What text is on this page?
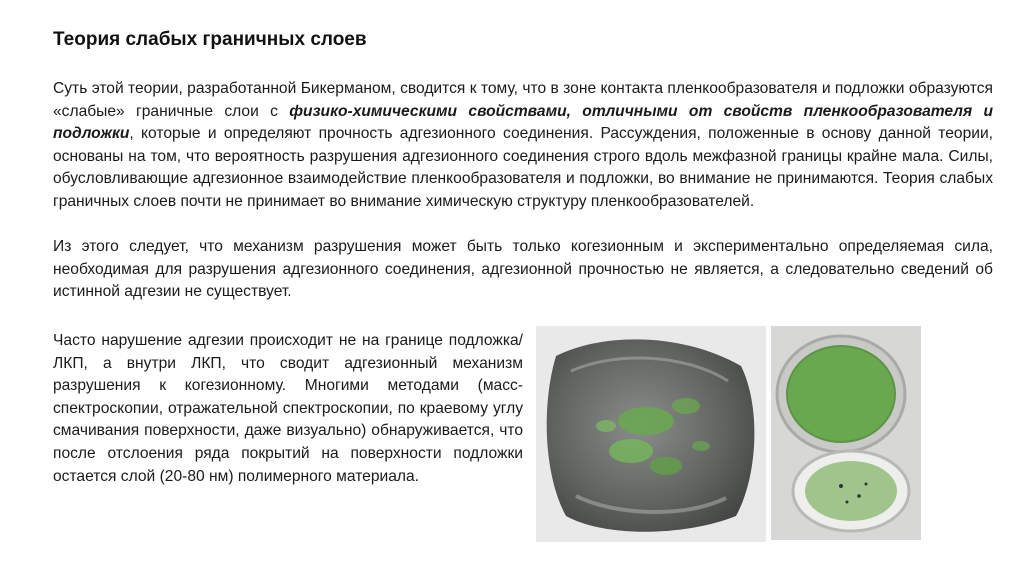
Теория слабых граничных слоев

Суть этой теории, разработанной Бикерманом, сводится к тому, что в зоне контакта пленкообразователя и подложки образуются «слабые» граничные слои с физико-химическими свойствами, отличными от свойств пленкообразователя и подложки, которые и определяют прочность адгезионного соединения. Рассуждения, положенные в основу данной теории, основаны на том, что вероятность разрушения адгезионного соединения строго вдоль межфазной границы крайне мала. Силы, обусловливающие адгезионное взаимодействие пленкообразователя и подложки, во внимание не принимаются. Теория слабых граничных слоев почти не принимает во внимание химическую структуру пленкообразователей.

Из этого следует, что механизм разрушения может быть только когезионным и экспериментально определяемая сила, необходимая для разрушения адгезионного соединения, адгезионной прочностью не является, а следовательно сведений об истинной адгезии не существует.

Часто нарушение адгезии происходит не на границе подложка/ ЛКП, а внутри ЛКП, что сводит адгезионный механизм разрушения к когезионному. Многими методами (масс-спектроскопии, отражательной спектроскопии, по краевому углу смачивания поверхности, даже визуально) обнаруживается, что после отслоения ряда покрытий на поверхности подложки остается слой (20-80 нм) полимерного материала.
